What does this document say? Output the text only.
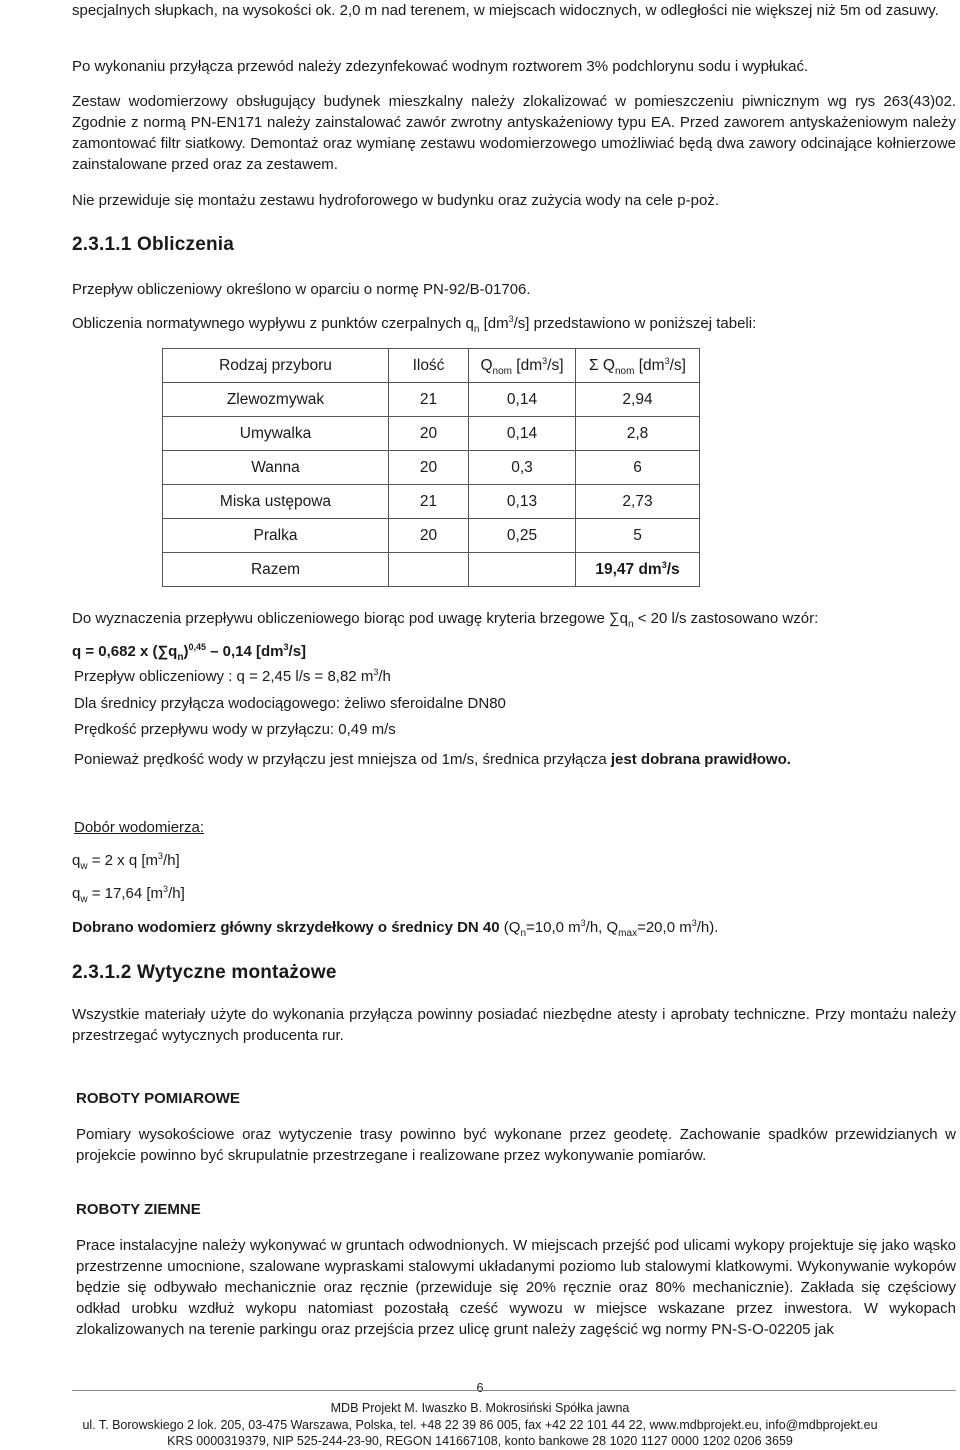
specjalnych słupkach, na wysokości ok. 2,0 m nad terenem, w miejscach widocznych, w odległości nie większej niż 5m od zasuwy.

Po wykonaniu przyłącza przewód należy zdezynfekować wodnym roztworem 3% podchlorynu sodu i wypłukać.

Zestaw wodomierzowy obsługujący budynek mieszkalny należy zlokalizować w pomieszczeniu piwnicznym wg rys 263(43)02. Zgodnie z normą PN-EN171 należy zainstalować zawór zwrotny antyskażeniowy typu EA. Przed zaworem antyskażeniowym należy zamontować filtr siatkowy. Demontaż oraz wymianę zestawu wodomierzowego umożliwiać będą dwa zawory odcinające kołnierzowe zainstalowane przed oraz za zestawem.

Nie przewiduje się montażu zestawu hydroforowego w budynku oraz zużycia wody na cele p-poż.

2.3.1.1 Obliczenia

Przepływ obliczeniowy określono w oparciu o normę PN-92/B-01706.

Obliczenia normatywnego wypływu z punktów czerpalnych $q_n$ $[dm^3/s]$ przedstawiono w poniższej tabeli:

Rodzaj przyboru	Ilość	$Q_{nom}$ $[dm^3/s]$	Σ $Q_{nom}$ $[dm^3/s]$
Zlewozmywak	21	0,14	2,94
Umywalka	20	0,14	2,8
Wanna	20	0,3	6
Miska ustępowa	21	0,13	2,73
Pralka	20	0,25	5
Razem			19,47 $dm^3/s$

Do wyznaczenia przepływu obliczeniowego biorąc pod uwagę kryteria brzegowe $\sum q_n < 20$ l/s zastosowano wzór:

q = 0,682 x $(\sum q_n)^{0,45} - 0,14$ $[dm^3/s]$

Przepływ obliczeniowy : q = 2,45 l/s = 8,82 $m^3/h$

Dla średnicy przyłącza wodociągowego: żeliwo sferoidalne DN80

Prędkość przepływu wody w przyłączu: 0,49 m/s

Ponieważ prędkość wody w przyłączu jest mniejsza od 1m/s, średnica przyłącza jest dobrana prawidłowo.

Dobór wodomierza:

$q_w = 2$ x q $[m^3/h]$

$q_w = 17,64$ $[m^3/h]$

Dobrano wodomierz główny skrzydełkowy o średnicy DN 40 ($Q_n=10,0$ $m^3/h$, $Q_{max}=20,0$ $m^3/h$).

2.3.1.2 Wytyczne montażowe

Wszystkie materiały użyte do wykonania przyłącza powinny posiadać niezbędne atesty i aprobaty techniczne. Przy montażu należy przestrzegać wytycznych producenta rur.

ROBOTY POMIAROWE

Pomiary wysokościowe oraz wytyczenie trasy powinno być wykonane przez geodetę. Zachowanie spadków przewidzianych w projekcie powinno być skrupulatnie przestrzegane i realizowane przez wykonywanie pomiarów.

ROBOTY ZIEMNE

Prace instalacyjne należy wykonywać w gruntach odwodnionych. W miejscach przejść pod ulicami wykopy projektuje się jako wąsko przestrzenne umocnione, szalowane wypraskami stalowymi układanymi poziomo lub stalowymi klatkowymi. Wykonywanie wykopów będzie się odbywało mechanicznie oraz ręcznie (przewiduje się 20% ręcznie oraz 80% mechanicznie). Zakłada się częściowy odkład urobku wzdłuż wykopu natomiast pozostałą cześć wywozu w miejsce wskazane przez inwestora. W wykopach zlokalizowanych na terenie parkingu oraz przejścia przez ulicę grunt należy zagęścić wg normy PN-S-O-02205 jak

6
MDB Projekt M. Iwaszko B. Mokrosiński Spółka jawna
ul. T. Borowskiego 2 lok. 205, 03-475 Warszawa, Polska, tel. +48 22 39 86 005, fax +42 22 101 44 22, www.mdbprojekt.eu, info@mdbprojekt.eu
KRS 0000319379, NIP 525-244-23-90, REGON 141667108, konto bankowe 28 1020 1127 0000 1202 0206 3659
